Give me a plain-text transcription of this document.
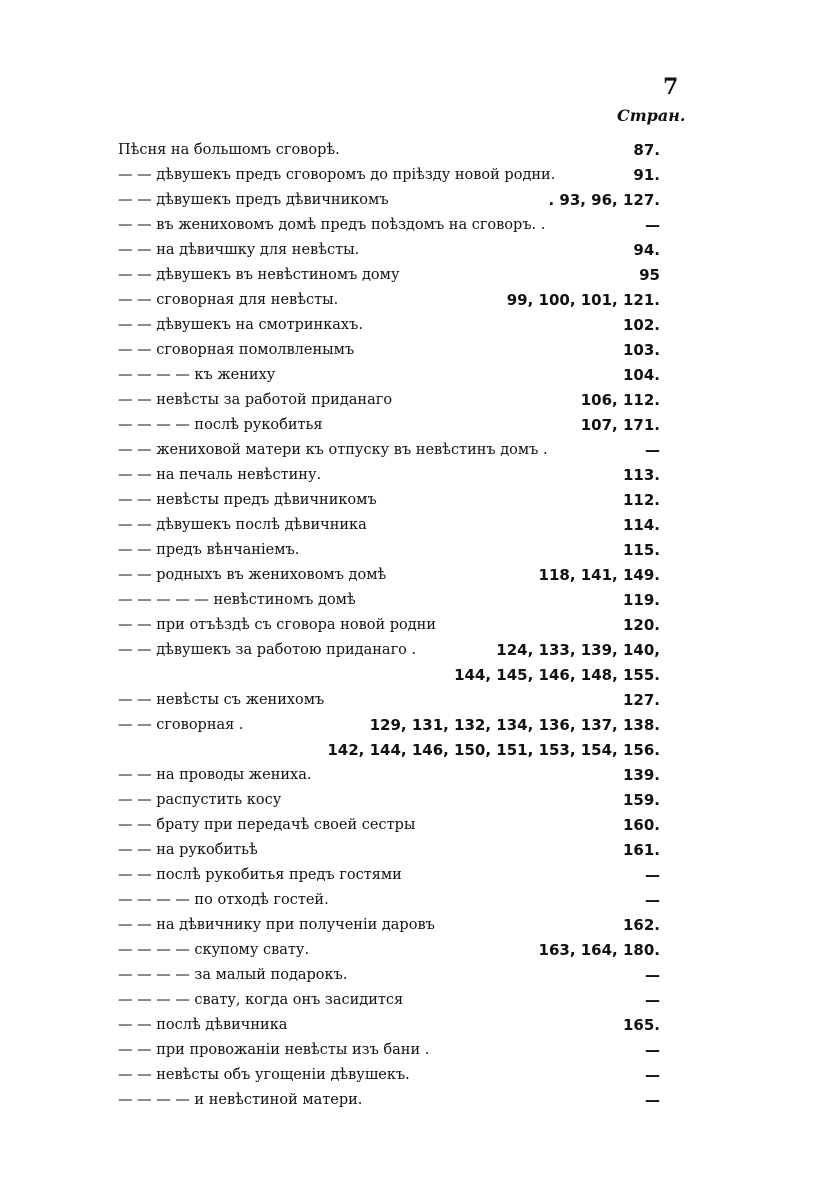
7
Стран.
Пѣсня на большомъ сговорѣ.	87.
— — дѣвушекъ предъ сговоромъ до пріѣзду новой родни.	91.
— — дѣвушекъ предъ дѣвичникомъ	. 93, 96, 127.
— — въ жениховомъ домѣ предъ поѣздомъ на сговоръ. .	—
— — на дѣвичшку для невѣсты.	94.
— — дѣвушекъ въ невѣстиномъ дому	95
— — сговорная для невѣсты.	99, 100, 101, 121.
— — дѣвушекъ на смотринкахъ.	102.
— — сговорная помолвленымъ	103.
— — — — къ жениху	104.
— — невѣсты за работой приданаго	106, 112.
— — — — послѣ рукобитья	107, 171.
— — жениховой матери къ отпуску въ невѣстинъ домъ .	—
— — на печаль невѣстину.	113.
— — невѣсты предъ дѣвичникомъ	112.
— — дѣвушекъ послѣ дѣвичника	114.
— — предъ вѣнчаніемъ.	115.
— — родныхъ въ жениховомъ домѣ	118, 141, 149.
— — — — — невѣстиномъ домѣ	119.
— — при отъѣздѣ съ сговора новой родни	120.
— — дѣвушекъ за работою приданаго .	124, 133, 139, 140,
144, 145, 146, 148, 155.
— — невѣсты съ женихомъ	127.
— — сговорная .	129, 131, 132, 134, 136, 137, 138.
142, 144, 146, 150, 151, 153, 154, 156.
— — на проводы жениха.	139.
— — распустить косу	159.
— — брату при передачѣ своей сестры	160.
— — на рукобитьѣ	161.
— — послѣ рукобитья предъ гостями	—
— — — — по отходѣ гостей.	—
— — на дѣвичнику при полученіи даровъ	162.
— — — — скупому свату.	163, 164, 180.
— — — — за малый подарокъ.	—
— — — — свату, когда онъ засидится	—
— — послѣ дѣвичника	165.
— — при провожаніи невѣсты изъ бани .	—
— — невѣсты объ угощеніи дѣвушекъ.	—
— — — — и невѣстиной матери.	—
